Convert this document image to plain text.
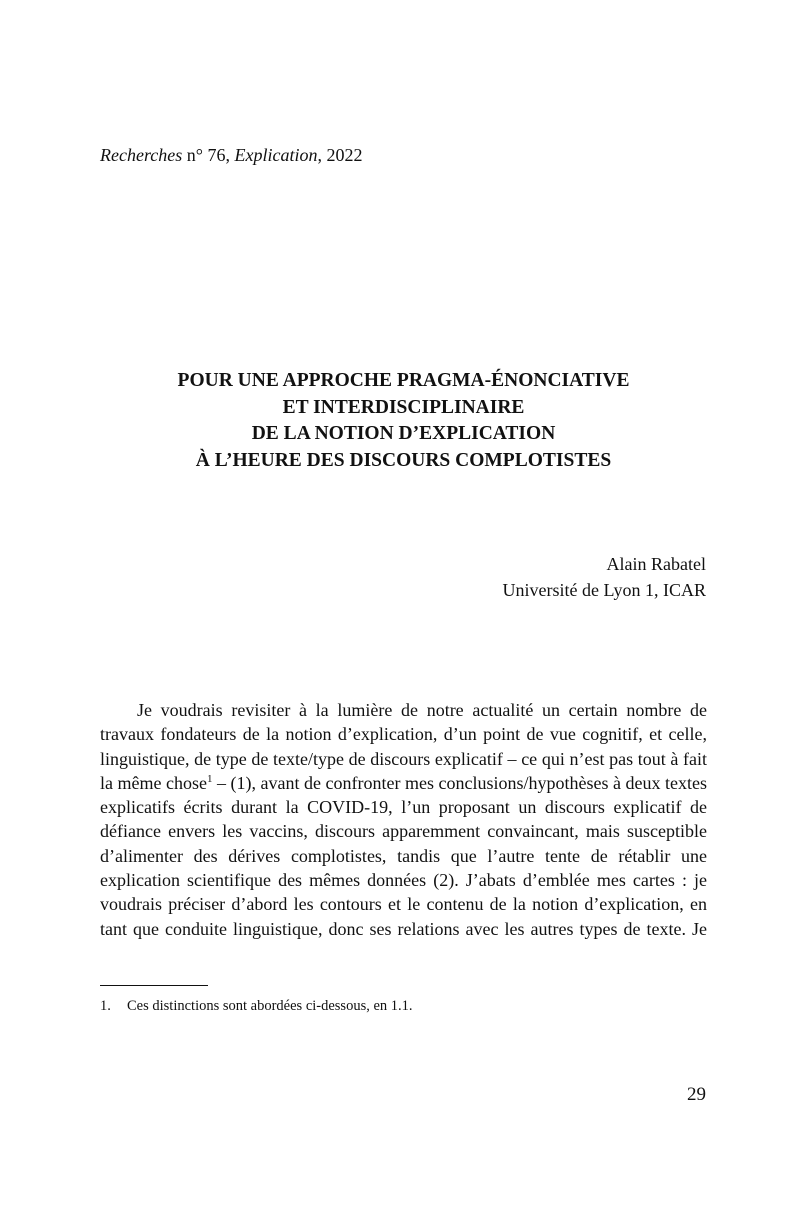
Recherches n° 76, Explication, 2022
POUR UNE APPROCHE PRAGMA-ÉNONCIATIVE
ET INTERDISCIPLINAIRE
DE LA NOTION D’EXPLICATION
À L’HEURE DES DISCOURS COMPLOTISTES
Alain Rabatel
Université de Lyon 1, ICAR

Je voudrais revisiter à la lumière de notre actualité un certain nombre de travaux fondateurs de la notion d’explication, d’un point de vue cognitif, et celle, linguistique, de type de texte/type de discours explicatif – ce qui n’est pas tout à fait la même chose$^1$ – (1), avant de confronter mes conclusions/hypothèses à deux textes explicatifs écrits durant la COVID-19, l’un proposant un discours explicatif de défiance envers les vaccins, discours apparemment convaincant, mais susceptible d’alimenter des dérives complotistes, tandis que l’autre tente de rétablir une explication scientifique des mêmes données (2). J’abats d’emblée mes cartes : je voudrais préciser d’abord les contours et le contenu de la notion d’explication, en tant que conduite linguistique, donc ses relations avec les autres types de texte. Je

1. Ces distinctions sont abordées ci-dessous, en 1.1.
29
